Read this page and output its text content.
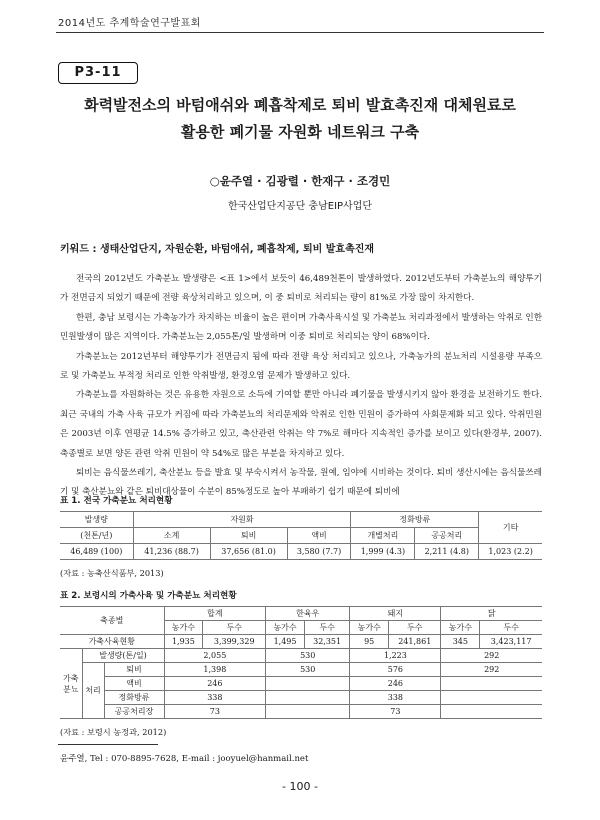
2014년도 추계학술연구발표회
P3-11
화력발전소의 바텀애쉬와 폐흡착제로 퇴비 발효촉진재 대체원료로
활용한 폐기물 자원화 네트워크 구축
○윤주열 · 김광렬 · 한재구 · 조경민
한국산업단지공단 충남EIP사업단
키워드 : 생태산업단지, 자원순환, 바텀애쉬, 폐흡착제, 퇴비 발효촉진재

전국의 2012년도 가축분뇨 발생량은 <표 1>에서 보듯이 46,489천톤이 발생하였다. 2012년도부터 가축분뇨의 해양투기가 전면금지 되었기 때문에 전량 육상처리하고 있으며, 이 중 퇴비로 처리되는 량이 81%로 가장 많이 차지한다.

한편, 충남 보령시는 가축농가가 차지하는 비율이 높은 편이며 가축사육시설 및 가축분뇨 처리과정에서 발생하는 악취로 인한 민원발생이 많은 지역이다. 가축분뇨는 2,055톤/일 발생하며 이중 퇴비로 처리되는 양이 68%이다.

가축분뇨는 2012년부터 해양투기가 전면금지 됨에 따라 전량 육상 처리되고 있으나, 가축농가의 분뇨처리 시설용량 부족으로 및 가축분뇨 부적정 처리로 인한 악취발생, 환경오염 문제가 발생하고 있다.

가축분뇨를 자원화하는 것은 유용한 자원으로 소득에 기여할 뿐만 아니라 폐기물을 발생시키지 않아 환경을 보전하기도 한다. 최근 국내의 가축 사육 규모가 커짐에 따라 가축분뇨의 처리문제와 악취로 인한 민원이 증가하여 사회문제화 되고 있다. 악취민원은 2003년 이후 연평균 14.5% 증가하고 있고, 축산관련 악취는 약 7%로 해마다 지속적인 증가를 보이고 있다(환경부, 2007). 축종별로 보면 양돈 관련 악취 민원이 약 54%로 많은 부분을 차지하고 있다.

퇴비는 음식물쓰레기, 축산분뇨 등을 발효 및 부숙시켜서 농작물, 원예, 임야에 시비하는 것이다. 퇴비 생산시에는 음식물쓰레기 및 축산분뇨와 같은 퇴비대상물이 수분이 85%정도로 높아 부패하기 쉽기 때문에 퇴비에

표 1. 전국 가축분뇨 처리현황
발생량	자원화			정화방류		기타
(천톤/년)	소계	퇴비	액비	개별처리	공공처리	
46,489 (100)	41,236 (88.7)	37,656 (81.0)	3,580 (7.7)	1,999 (4.3)	2,211 (4.8)	1,023 (2.2)
(자료 : 농축산식품부, 2013)
표 2. 보령시의 가축사육 및 가축분뇨 처리현황
축종별			합계		한육우		돼지		닭	
			농가수	두수	농가수	두수	농가수	두수	농가수	두수
가축사육현황			1,935	3,399,329	1,495	32,351	95	241,861	345	3,423,117
가축 분뇨	발생량(톤/일)		2,055		530		1,223		292	
	처리	퇴비	1,398		530		576		292	
		액비	246				246			
		정화방류	338				338			
		공공처리장	73				73			
(자료 : 보령시 농정과, 2012)
윤주열, Tel : 070-8895-7628, E-mail : jooyuel@hanmail.net
- 100 -
